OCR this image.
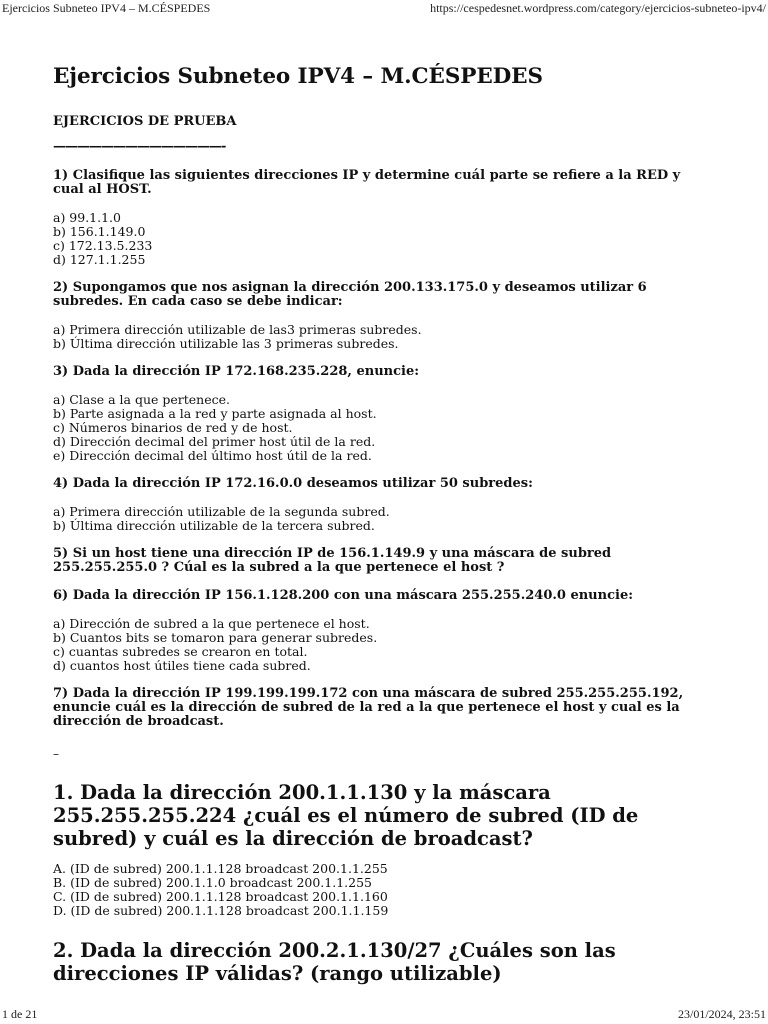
Ejercicios Subneteo IPV4 – M.CÉSPEDES	https://cespedesnet.wordpress.com/category/ejercicios-subneteo-ipv4/
Ejercicios Subneteo IPV4 – M.CÉSPEDES
EJERCICIOS DE PRUEBA
——————————————-

1) Clasifique las siguientes direcciones IP y determine cuál parte se refiere a la RED y cual al HOST.

a) 99.1.1.0
b) 156.1.149.0
c) 172.13.5.233
d) 127.1.1.255

2) Supongamos que nos asignan la dirección 200.133.175.0 y deseamos utilizar 6 subredes. En cada caso se debe indicar:

a) Primera dirección utilizable de las3 primeras subredes.
b) Última dirección utilizable las 3 primeras subredes.

3) Dada la dirección IP 172.168.235.228, enuncie:

a) Clase a la que pertenece.
b) Parte asignada a la red y parte asignada al host.
c) Números binarios de red y de host.
d) Dirección decimal del primer host útil de la red.
e) Dirección decimal del último host útil de la red.

4) Dada la dirección IP 172.16.0.0 deseamos utilizar 50 subredes:

a) Primera dirección utilizable de la segunda subred.
b) Última dirección utilizable de la tercera subred.

5) Si un host tiene una dirección IP de 156.1.149.9 y una máscara de subred 255.255.255.0 ? Cúal es la subred a la que pertenece el host ?

6) Dada la dirección IP 156.1.128.200 con una máscara 255.255.240.0 enuncie:

a) Dirección de subred a la que pertenece el host.
b) Cuantos bits se tomaron para generar subredes.
c) cuantas subredes se crearon en total.
d) cuantos host útiles tiene cada subred.

7) Dada la dirección IP 199.199.199.172 con una máscara de subred 255.255.255.192, enuncie cuál es la dirección de subred de la red a la que pertenece el host y cual es la dirección de broadcast.

–
1. Dada la dirección 200.1.1.130 y la máscara 255.255.255.224 ¿cuál es el número de subred (ID de subred) y cuál es la dirección de broadcast?
A. (ID de subred) 200.1.1.128 broadcast 200.1.1.255
B. (ID de subred) 200.1.1.0 broadcast 200.1.1.255
C. (ID de subred) 200.1.1.128 broadcast 200.1.1.160
D. (ID de subred) 200.1.1.128 broadcast 200.1.1.159
2. Dada la dirección 200.2.1.130/27 ¿Cuáles son las direcciones IP válidas? (rango utilizable)
1 de 21	23/01/2024, 23:51
